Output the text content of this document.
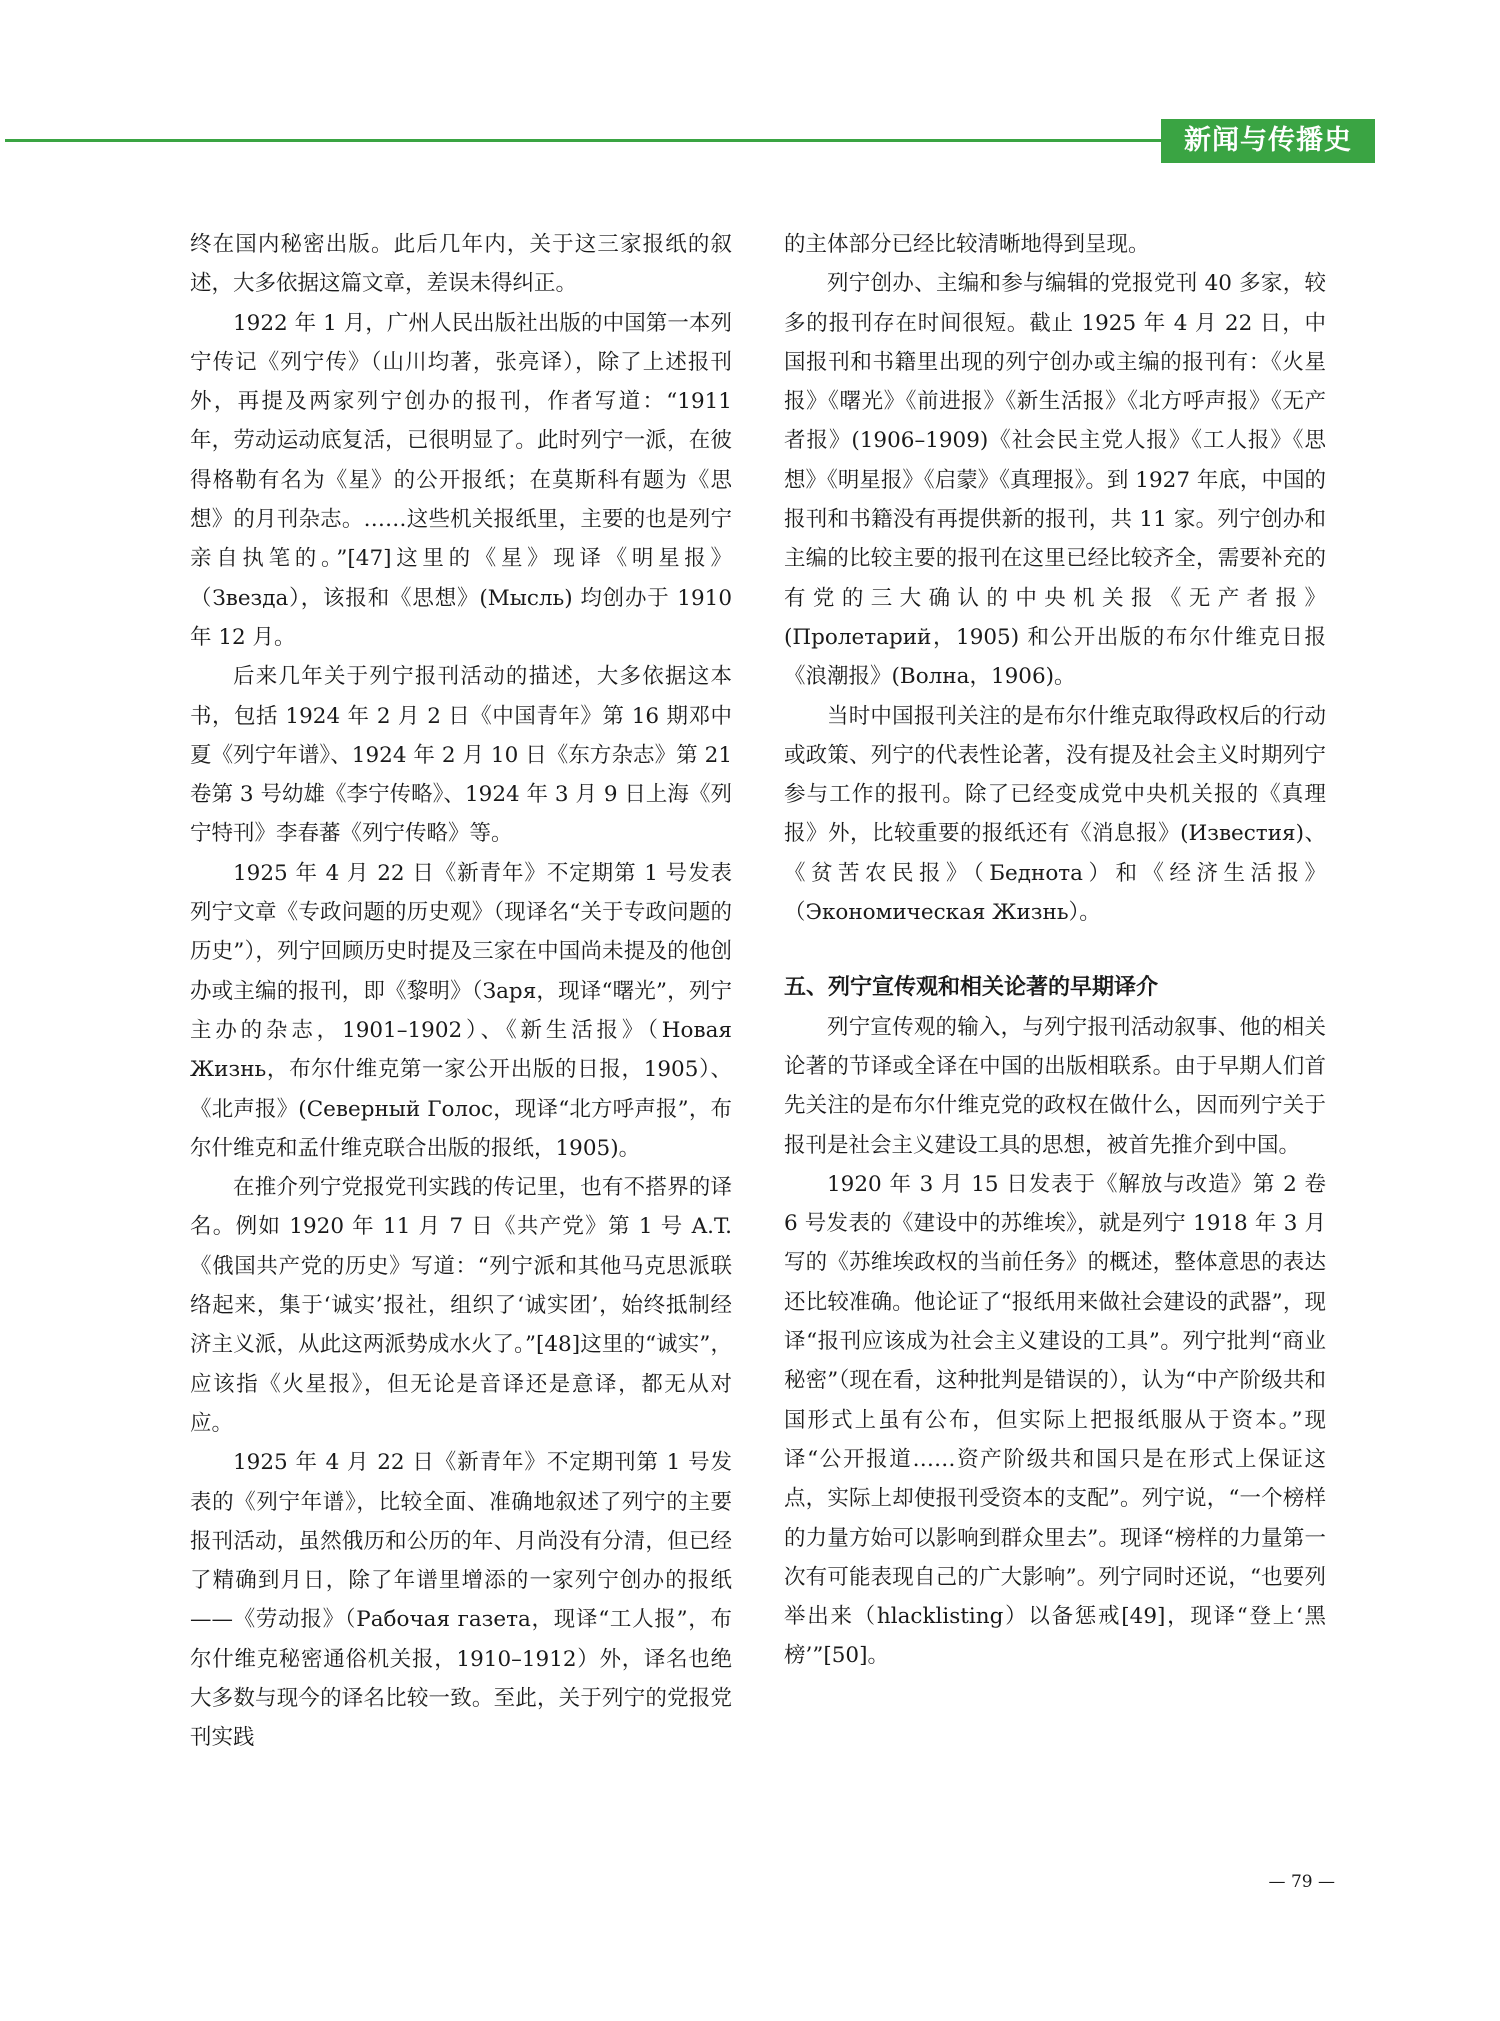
新闻与传播史

终在国内秘密出版。此后几年内，关于这三家报纸的叙述，大多依据这篇文章，差误未得纠正。

1922 年 1 月，广州人民出版社出版的中国第一本列宁传记《列宁传》（山川均著，张亮译），除了上述报刊外，再提及两家列宁创办的报刊，作者写道：“1911 年，劳动运动底复活，已很明显了。此时列宁一派，在彼得格勒有名为《星》的公开报纸；在莫斯科有题为《思想》的月刊杂志。……这些机关报纸里，主要的也是列宁亲自执笔的。”[47]这里的《星》现译《明星报》（Звезда），该报和《思想》(Мысль) 均创办于 1910 年 12 月。

后来几年关于列宁报刊活动的描述，大多依据这本书，包括 1924 年 2 月 2 日《中国青年》第 16 期邓中夏《列宁年谱》、1924 年 2 月 10 日《东方杂志》第 21 卷第 3 号幼雄《李宁传略》、1924 年 3 月 9 日上海《列宁特刊》李春蕃《列宁传略》等。

1925 年 4 月 22 日《新青年》不定期第 1 号发表列宁文章《专政问题的历史观》（现译名“关于专政问题的历史”），列宁回顾历史时提及三家在中国尚未提及的他创办或主编的报刊，即《黎明》（Заря，现译“曙光”，列宁主办的杂志，1901–1902）、《新生活报》（Новая Жизнь，布尔什维克第一家公开出版的日报，1905）、《北声报》(Северный Голос，现译“北方呼声报”，布尔什维克和孟什维克联合出版的报纸，1905)。

在推介列宁党报党刊实践的传记里，也有不搭界的译名。例如 1920 年 11 月 7 日《共产党》第 1 号 A.T.《俄国共产党的历史》写道：“列宁派和其他马克思派联络起来，集于‘诚实’报社，组织了‘诚实团’，始终抵制经济主义派，从此这两派势成水火了。”[48]这里的“诚实”，应该指《火星报》，但无论是音译还是意译，都无从对应。

1925 年 4 月 22 日《新青年》不定期刊第 1 号发表的《列宁年谱》，比较全面、准确地叙述了列宁的主要报刊活动，虽然俄历和公历的年、月尚没有分清，但已经了精确到月日，除了年谱里增添的一家列宁创办的报纸——《劳动报》（Рабочая газета，现译“工人报”，布尔什维克秘密通俗机关报，1910–1912）外，译名也绝大多数与现今的译名比较一致。至此，关于列宁的党报党刊实践

的主体部分已经比较清晰地得到呈现。

列宁创办、主编和参与编辑的党报党刊 40 多家，较多的报刊存在时间很短。截止 1925 年 4 月 22 日，中国报刊和书籍里出现的列宁创办或主编的报刊有：《火星报》《曙光》《前进报》《新生活报》《北方呼声报》《无产者报》(1906–1909)《社会民主党人报》《工人报》《思想》《明星报》《启蒙》《真理报》。到 1927 年底，中国的报刊和书籍没有再提供新的报刊，共 11 家。列宁创办和主编的比较主要的报刊在这里已经比较齐全，需要补充的有党的三大确认的中央机关报《无产者报》(Пролетарий，1905) 和公开出版的布尔什维克日报《浪潮报》(Волна，1906)。

当时中国报刊关注的是布尔什维克取得政权后的行动或政策、列宁的代表性论著，没有提及社会主义时期列宁参与工作的报刊。除了已经变成党中央机关报的《真理报》外，比较重要的报纸还有《消息报》(Известия)、《贫苦农民报》（Беднота）和《经济生活报》（Экономическая Жизнь）。

五、列宁宣传观和相关论著的早期译介

列宁宣传观的输入，与列宁报刊活动叙事、他的相关论著的节译或全译在中国的出版相联系。由于早期人们首先关注的是布尔什维克党的政权在做什么，因而列宁关于报刊是社会主义建设工具的思想，被首先推介到中国。

1920 年 3 月 15 日发表于《解放与改造》第 2 卷 6 号发表的《建设中的苏维埃》，就是列宁 1918 年 3 月写的《苏维埃政权的当前任务》的概述，整体意思的表达还比较准确。他论证了“报纸用来做社会建设的武器”，现译“报刊应该成为社会主义建设的工具”。列宁批判“商业秘密”（现在看，这种批判是错误的），认为“中产阶级共和国形式上虽有公布，但实际上把报纸服从于资本。”现译“公开报道……资产阶级共和国只是在形式上保证这点，实际上却使报刊受资本的支配”。列宁说，“一个榜样的力量方始可以影响到群众里去”。现译“榜样的力量第一次有可能表现自己的广大影响”。列宁同时还说，“也要列举出来（hlacklisting）以备惩戒[49]，现译“登上‘黑榜’”[50]。

— 79 —
